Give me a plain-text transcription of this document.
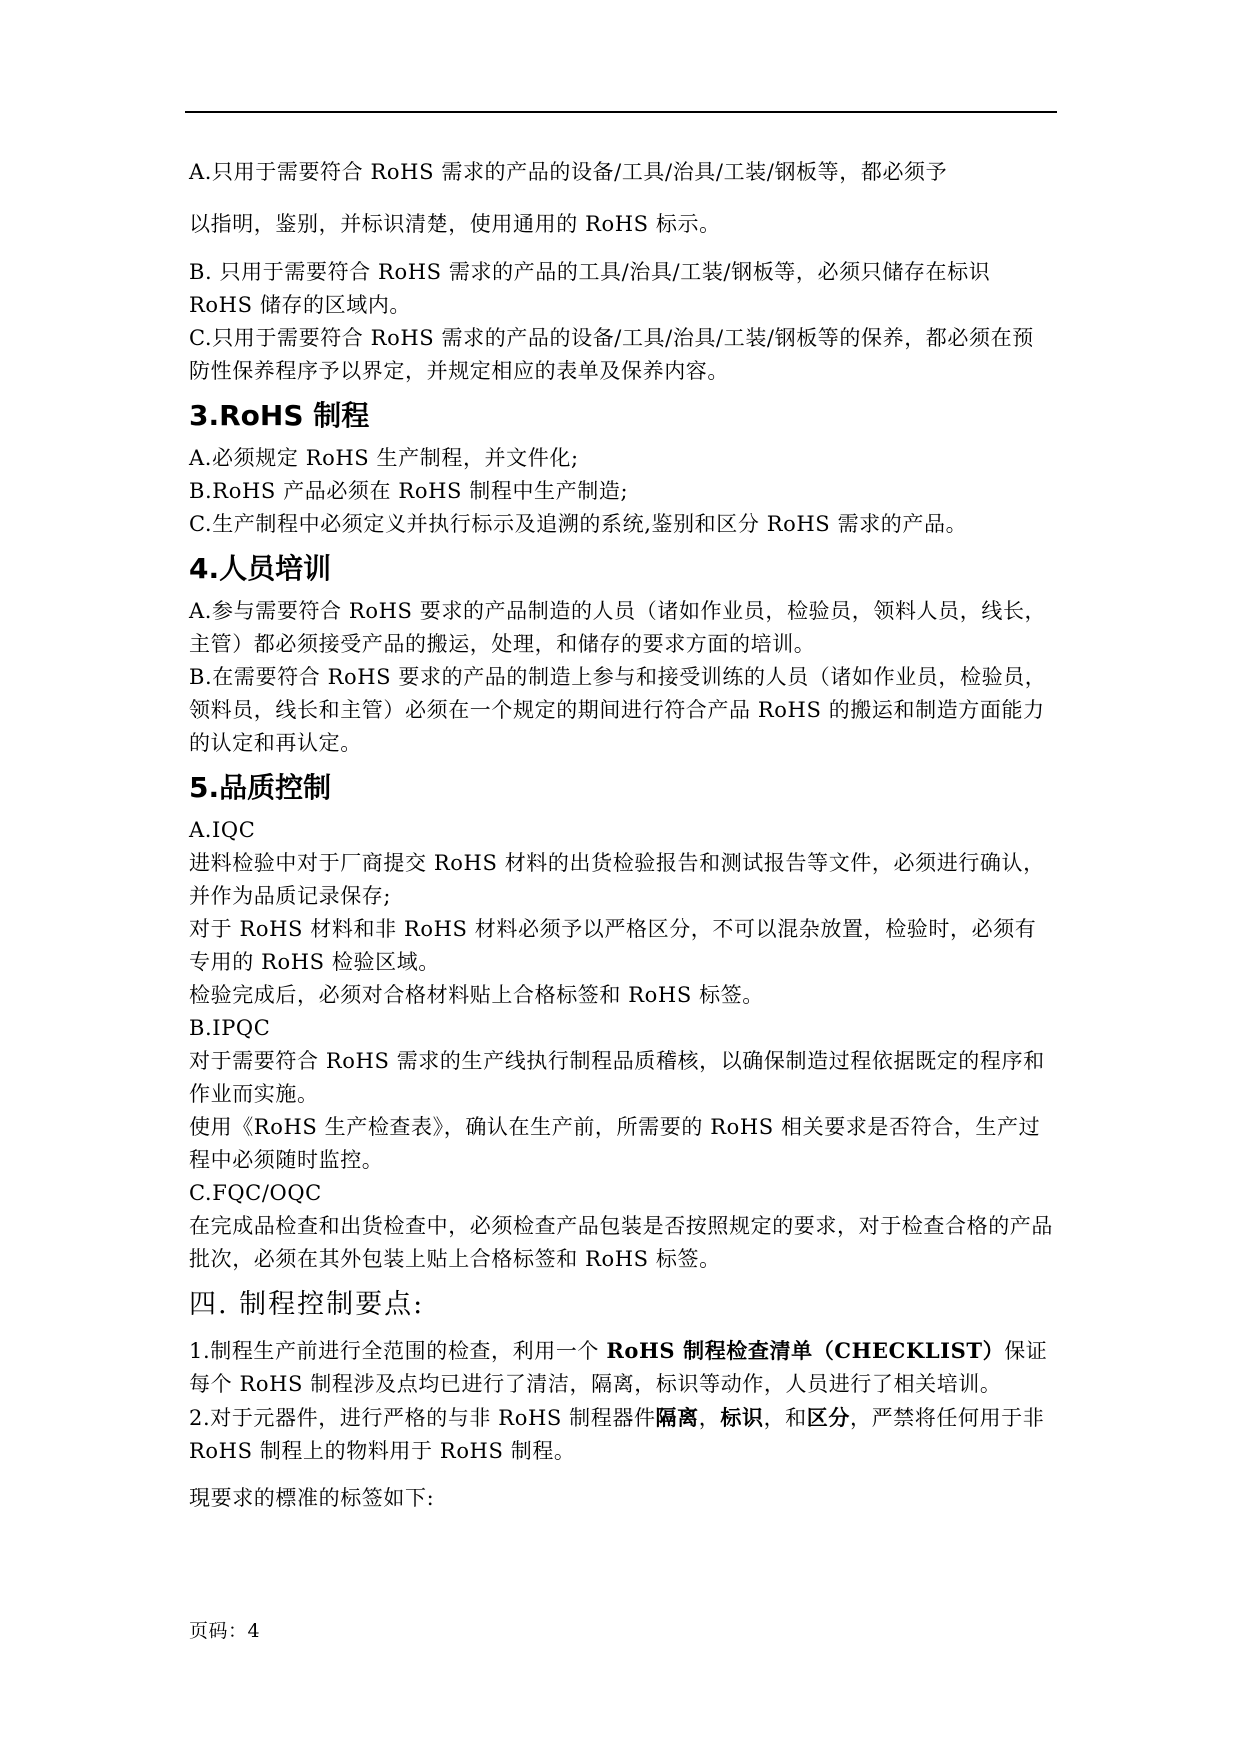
A.只用于需要符合 RoHS 需求的产品的设备/工具/治具/工装/钢板等，都必须予

以指明，鉴别，并标识清楚，使用通用的 RoHS 标示。

B. 只用于需要符合 RoHS 需求的产品的工具/治具/工装/钢板等，必须只储存在标识 RoHS 储存的区域内。

C.只用于需要符合 RoHS 需求的产品的设备/工具/治具/工装/钢板等的保养，都必须在预防性保养程序予以界定，并规定相应的表单及保养内容。

3.RoHS 制程

A.必须规定 RoHS 生产制程，并文件化;

B.RoHS 产品必须在 RoHS 制程中生产制造;

C.生产制程中必须定义并执行标示及追溯的系统,鉴别和区分 RoHS 需求的产品。

4.人员培训

A.参与需要符合 RoHS 要求的产品制造的人员（诸如作业员，检验员，领料人员，线长，主管）都必须接受产品的搬运，处理，和储存的要求方面的培训。

B.在需要符合 RoHS 要求的产品的制造上参与和接受训练的人员（诸如作业员，检验员，领料员，线长和主管）必须在一个规定的期间进行符合产品 RoHS 的搬运和制造方面能力的认定和再认定。

5.品质控制

A.IQC

进料检验中对于厂商提交 RoHS 材料的出货检验报告和测试报告等文件，必须进行确认，并作为品质记录保存;

对于 RoHS 材料和非 RoHS 材料必须予以严格区分，不可以混杂放置，检验时，必须有专用的 RoHS 检验区域。

检验完成后，必须对合格材料贴上合格标签和 RoHS 标签。

B.IPQC

对于需要符合 RoHS 需求的生产线执行制程品质稽核，以确保制造过程依据既定的程序和作业而实施。

使用《RoHS 生产检查表》，确认在生产前，所需要的 RoHS 相关要求是否符合，生产过程中必须随时监控。

C.FQC/OQC

在完成品检查和出货检查中，必须检查产品包装是否按照规定的要求，对于检查合格的产品批次，必须在其外包装上贴上合格标签和 RoHS 标签。

四. 制程控制要点:

1.制程生产前进行全范围的检查，利用一个 RoHS 制程检查清单（CHECKLIST）保证每个 RoHS 制程涉及点均已进行了清洁，隔离，标识等动作，人员进行了相关培训。

2.对于元器件，进行严格的与非 RoHS 制程器件隔离，标识，和区分，严禁将任何用于非 RoHS 制程上的物料用于 RoHS 制程。

現要求的標准的标签如下:

页码：4
